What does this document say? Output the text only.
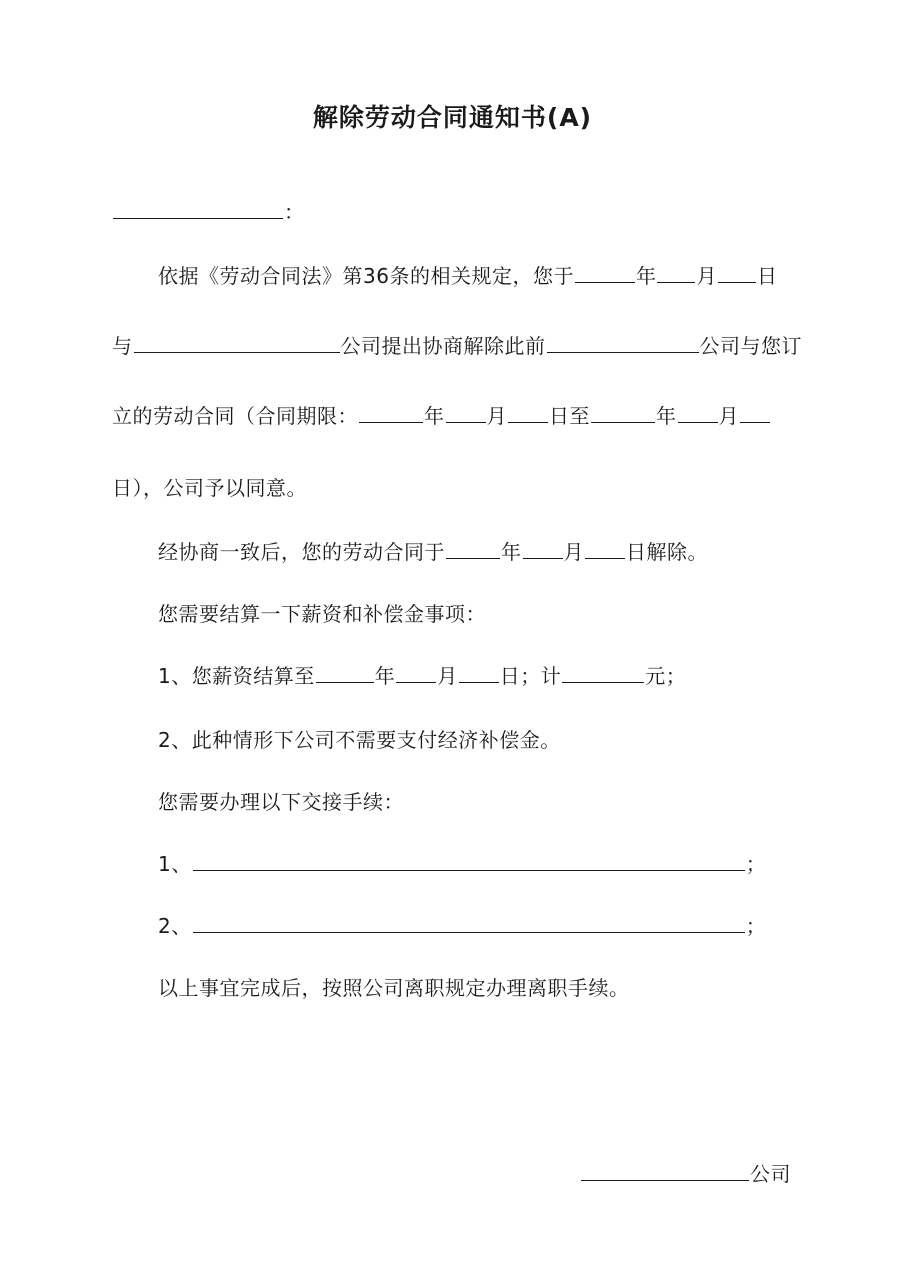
解除劳动合同通知书(A)
：
依据《劳动合同法》第36条的相关规定，您于	年 月 日
与	公司提出协商解除此前	公司与您订
立的劳动合同（合同期限：	年 月 日至	年 月
日），公司予以同意。
经协商一致后，您的劳动合同于	年 月 日解除。
您需要结算一下薪资和补偿金事项：
1、您薪资结算至	年 月 日；计	元；
2、此种情形下公司不需要支付经济补偿金。
您需要办理以下交接手续：
1、	；
2、	；
以上事宜完成后，按照公司离职规定办理离职手续。
公司
